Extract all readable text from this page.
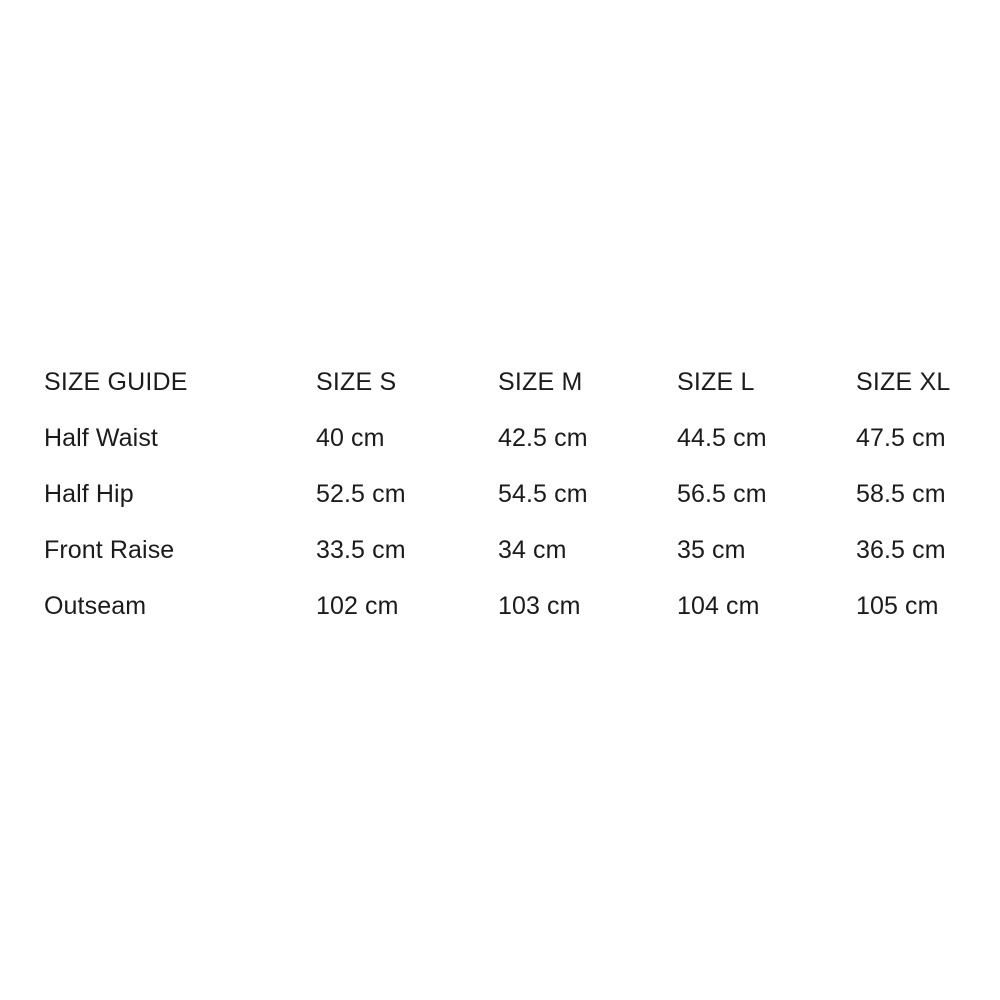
SIZE GUIDE	SIZE S	SIZE M	SIZE L	SIZE XL
Half Waist	40 cm	42.5 cm	44.5 cm	47.5 cm
Half Hip	52.5 cm	54.5 cm	56.5 cm	58.5 cm
Front Raise	33.5 cm	34 cm	35 cm	36.5 cm
Outseam	102 cm	103 cm	104 cm	105 cm
